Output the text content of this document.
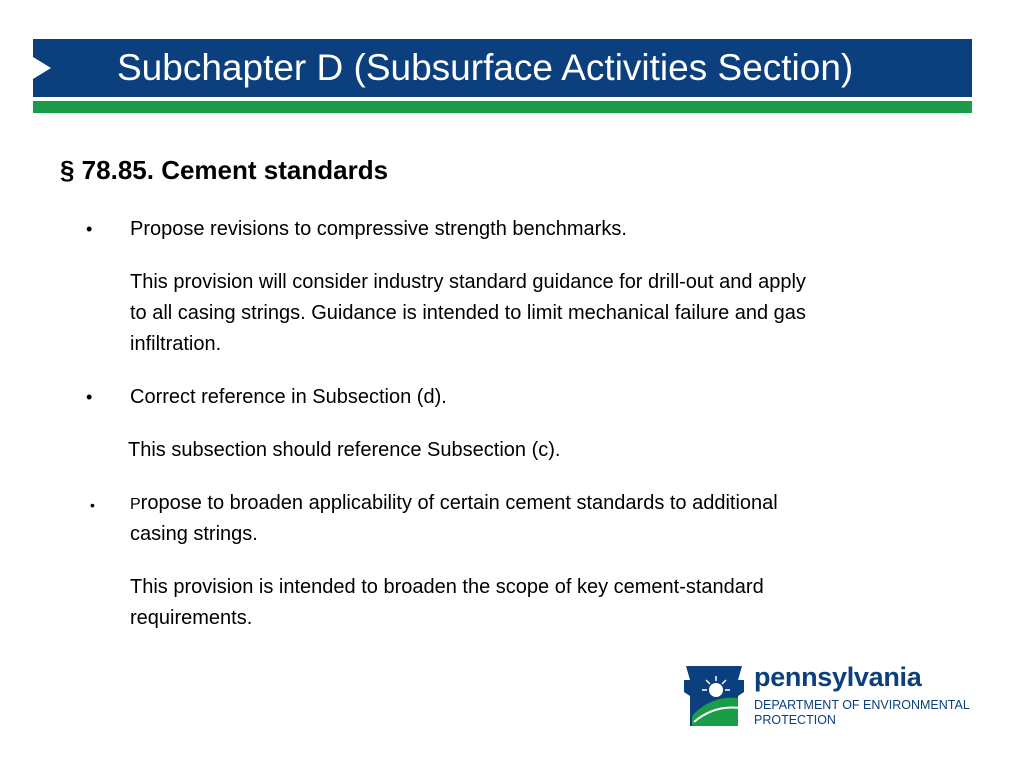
Subchapter D (Subsurface Activities Section)
§ 78.85. Cement standards
• Propose revisions to compressive strength benchmarks.
This provision will consider industry standard guidance for drill-out and apply
to all casing strings. Guidance is intended to limit mechanical failure and gas
infiltration.
• Correct reference in Subsection (d).
This subsection should reference Subsection (c).
• Propose to broaden applicability of certain cement standards to additional
casing strings.
This provision is intended to broaden the scope of key cement-standard
requirements.
pennsylvania
DEPARTMENT OF ENVIRONMENTAL
PROTECTION
